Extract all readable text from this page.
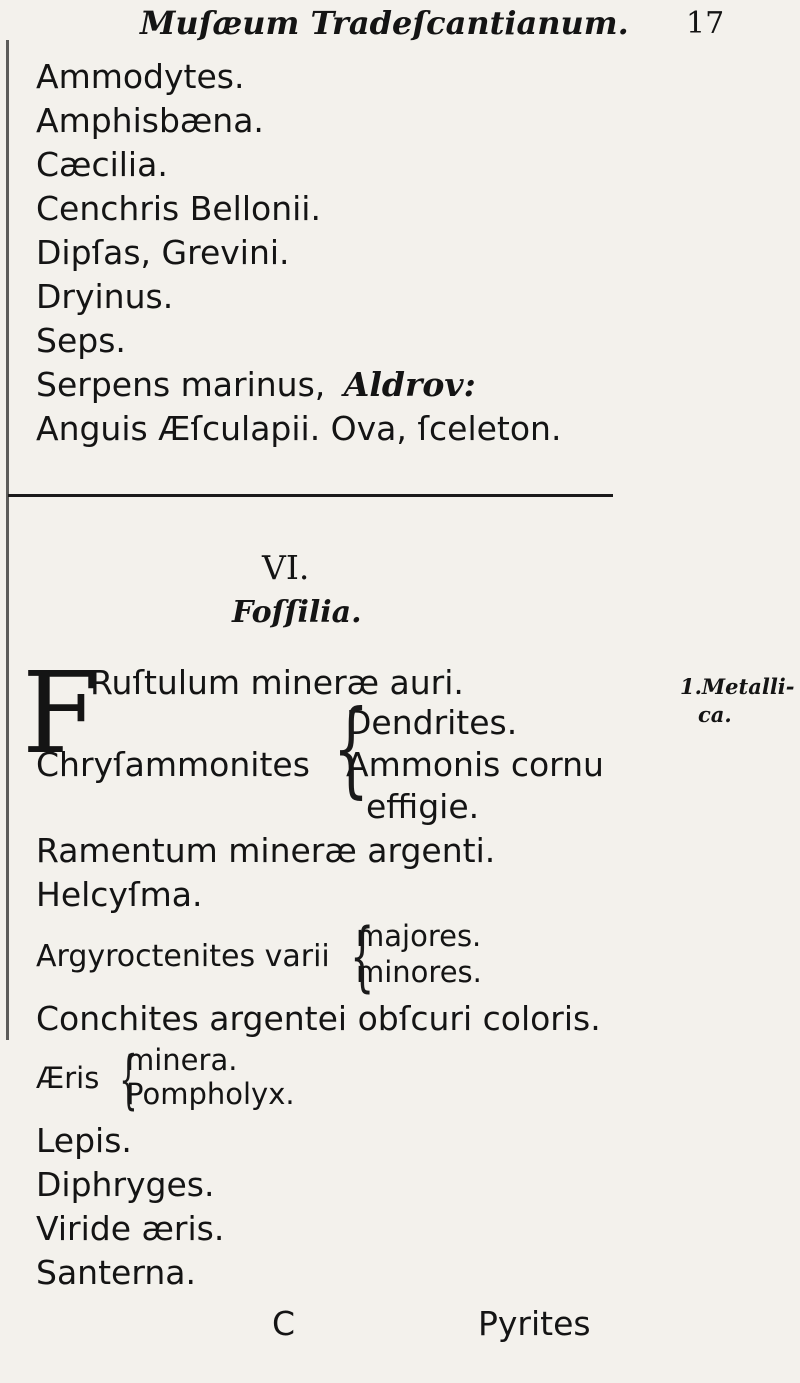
Muſæum Tradeſcantianum. 17
Ammodytes.
Amphisbæna.
Cæcilia.
Cenchris Bellonii.
Dipſas, Grevini.
Dryinus.
Seps.
Serpens marinus, Aldrov:
Anguis Æſculapii. Ova, ſceleton.
VI.
Foſſilia.
F
Ruſtulum mineræ auri.
Dendrites.
Chryſammonites {
Ammonis cornu
effigie.
Ramentum mineræ argenti.
Helcyſma.
Argyroctenites varii {
majores.
minores.
Conchites argentei obſcuri coloris.
Æris {
minera.
Pompholyx.
Lepis.
Diphryges.
Viride æris.
Santerna.
1.Metalli-
ca.
C	Pyrites
